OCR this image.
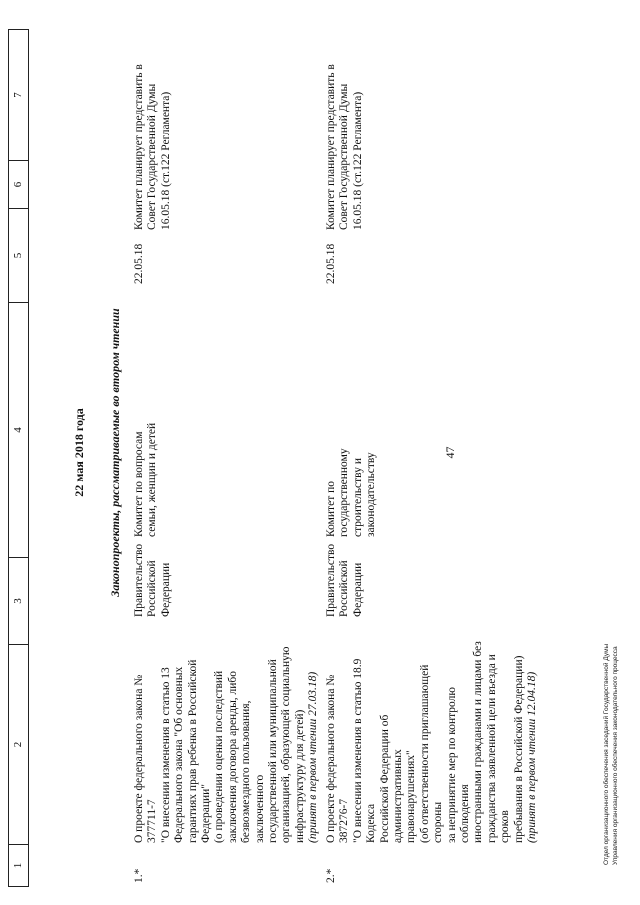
47
1
2
3
4
5
6
7
22 мая 2018 года Законопроекты, рассматриваемые во втором чтении
1.*

О проекте федерального закона № 377711-7 "О внесении изменения в статью 13 Федерального закона "Об основных гарантиях прав ребенка в Российской Федерации" (о проведении оценки последствий заключения договора аренды, либо безвозмездного пользования, заключенного государственной или муниципальной организацией, образующей социальную инфраструктуру для детей) (принят в первом чтении 27.03.18)

Правительство Российской Федерации
Комитет по вопросам семьи, женщин и детей
22.05.18
Комитет планирует представить в Совет Государственной Думы 16.05.18 (ст.122 Регламента)
2.*

О проекте федерального закона № 387276-7 "О внесении изменения в статью 18.9 Кодекса Российской Федерации об административных правонарушениях" (об ответственности приглашающей стороны за непринятие мер по контролю соблюдения иностранными гражданами и лицами без гражданства заявленной цели въезда и сроков пребывания в Российской Федерации) (принят в первом чтении 12.04.18)

Правительство Российской Федерации
Комитет по государственному строительству и законодательству
22.05.18
Комитет планирует представить в Совет Государственной Думы 16.05.18 (ст.122 Регламента)
Отдел организационного обеспечения заседаний Государственной Думы Управления организационного обеспечения законодательного процесса
